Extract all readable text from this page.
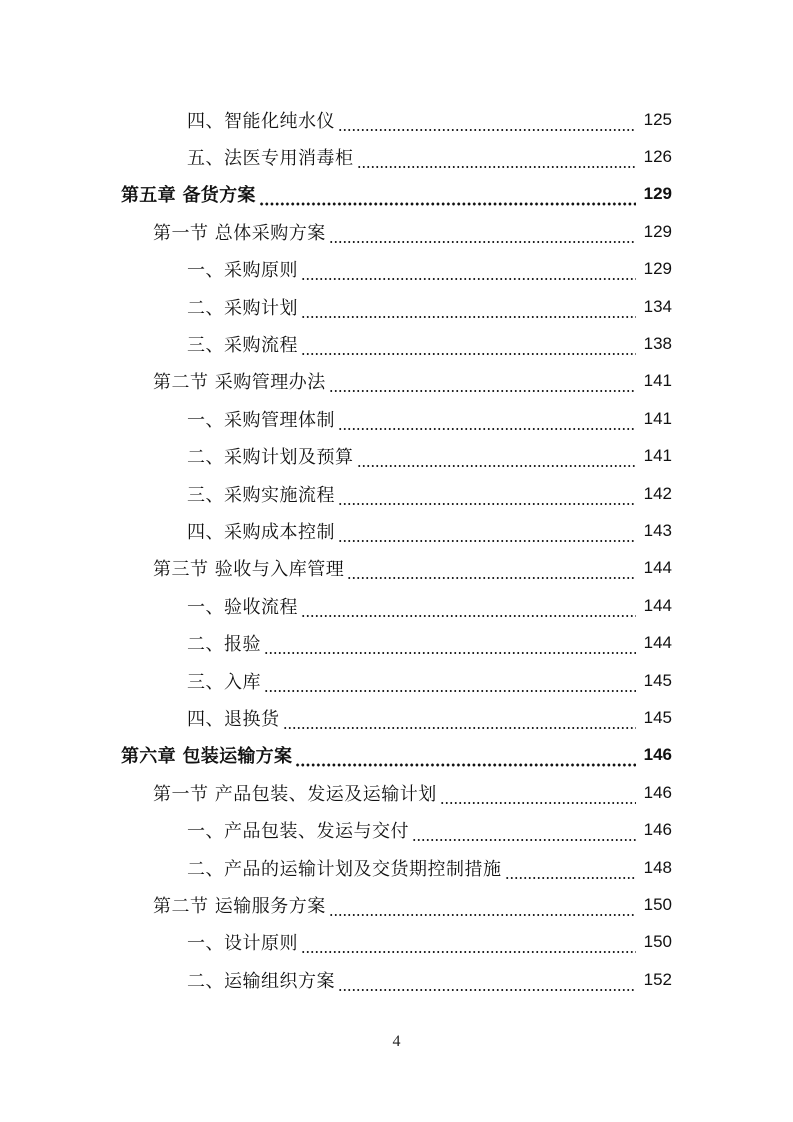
四、智能化纯水仪	125
五、法医专用消毒柜	126
第五章 备货方案	129
第一节 总体采购方案	129
一、采购原则	129
二、采购计划	134
三、采购流程	138
第二节 采购管理办法	141
一、采购管理体制	141
二、采购计划及预算	141
三、采购实施流程	142
四、采购成本控制	143
第三节 验收与入库管理	144
一、验收流程	144
二、报验	144
三、入库	145
四、退换货	145
第六章 包装运输方案	146
第一节 产品包装、发运及运输计划	146
一、产品包装、发运与交付	146
二、产品的运输计划及交货期控制措施	148
第二节 运输服务方案	150
一、设计原则	150
二、运输组织方案	152
4
